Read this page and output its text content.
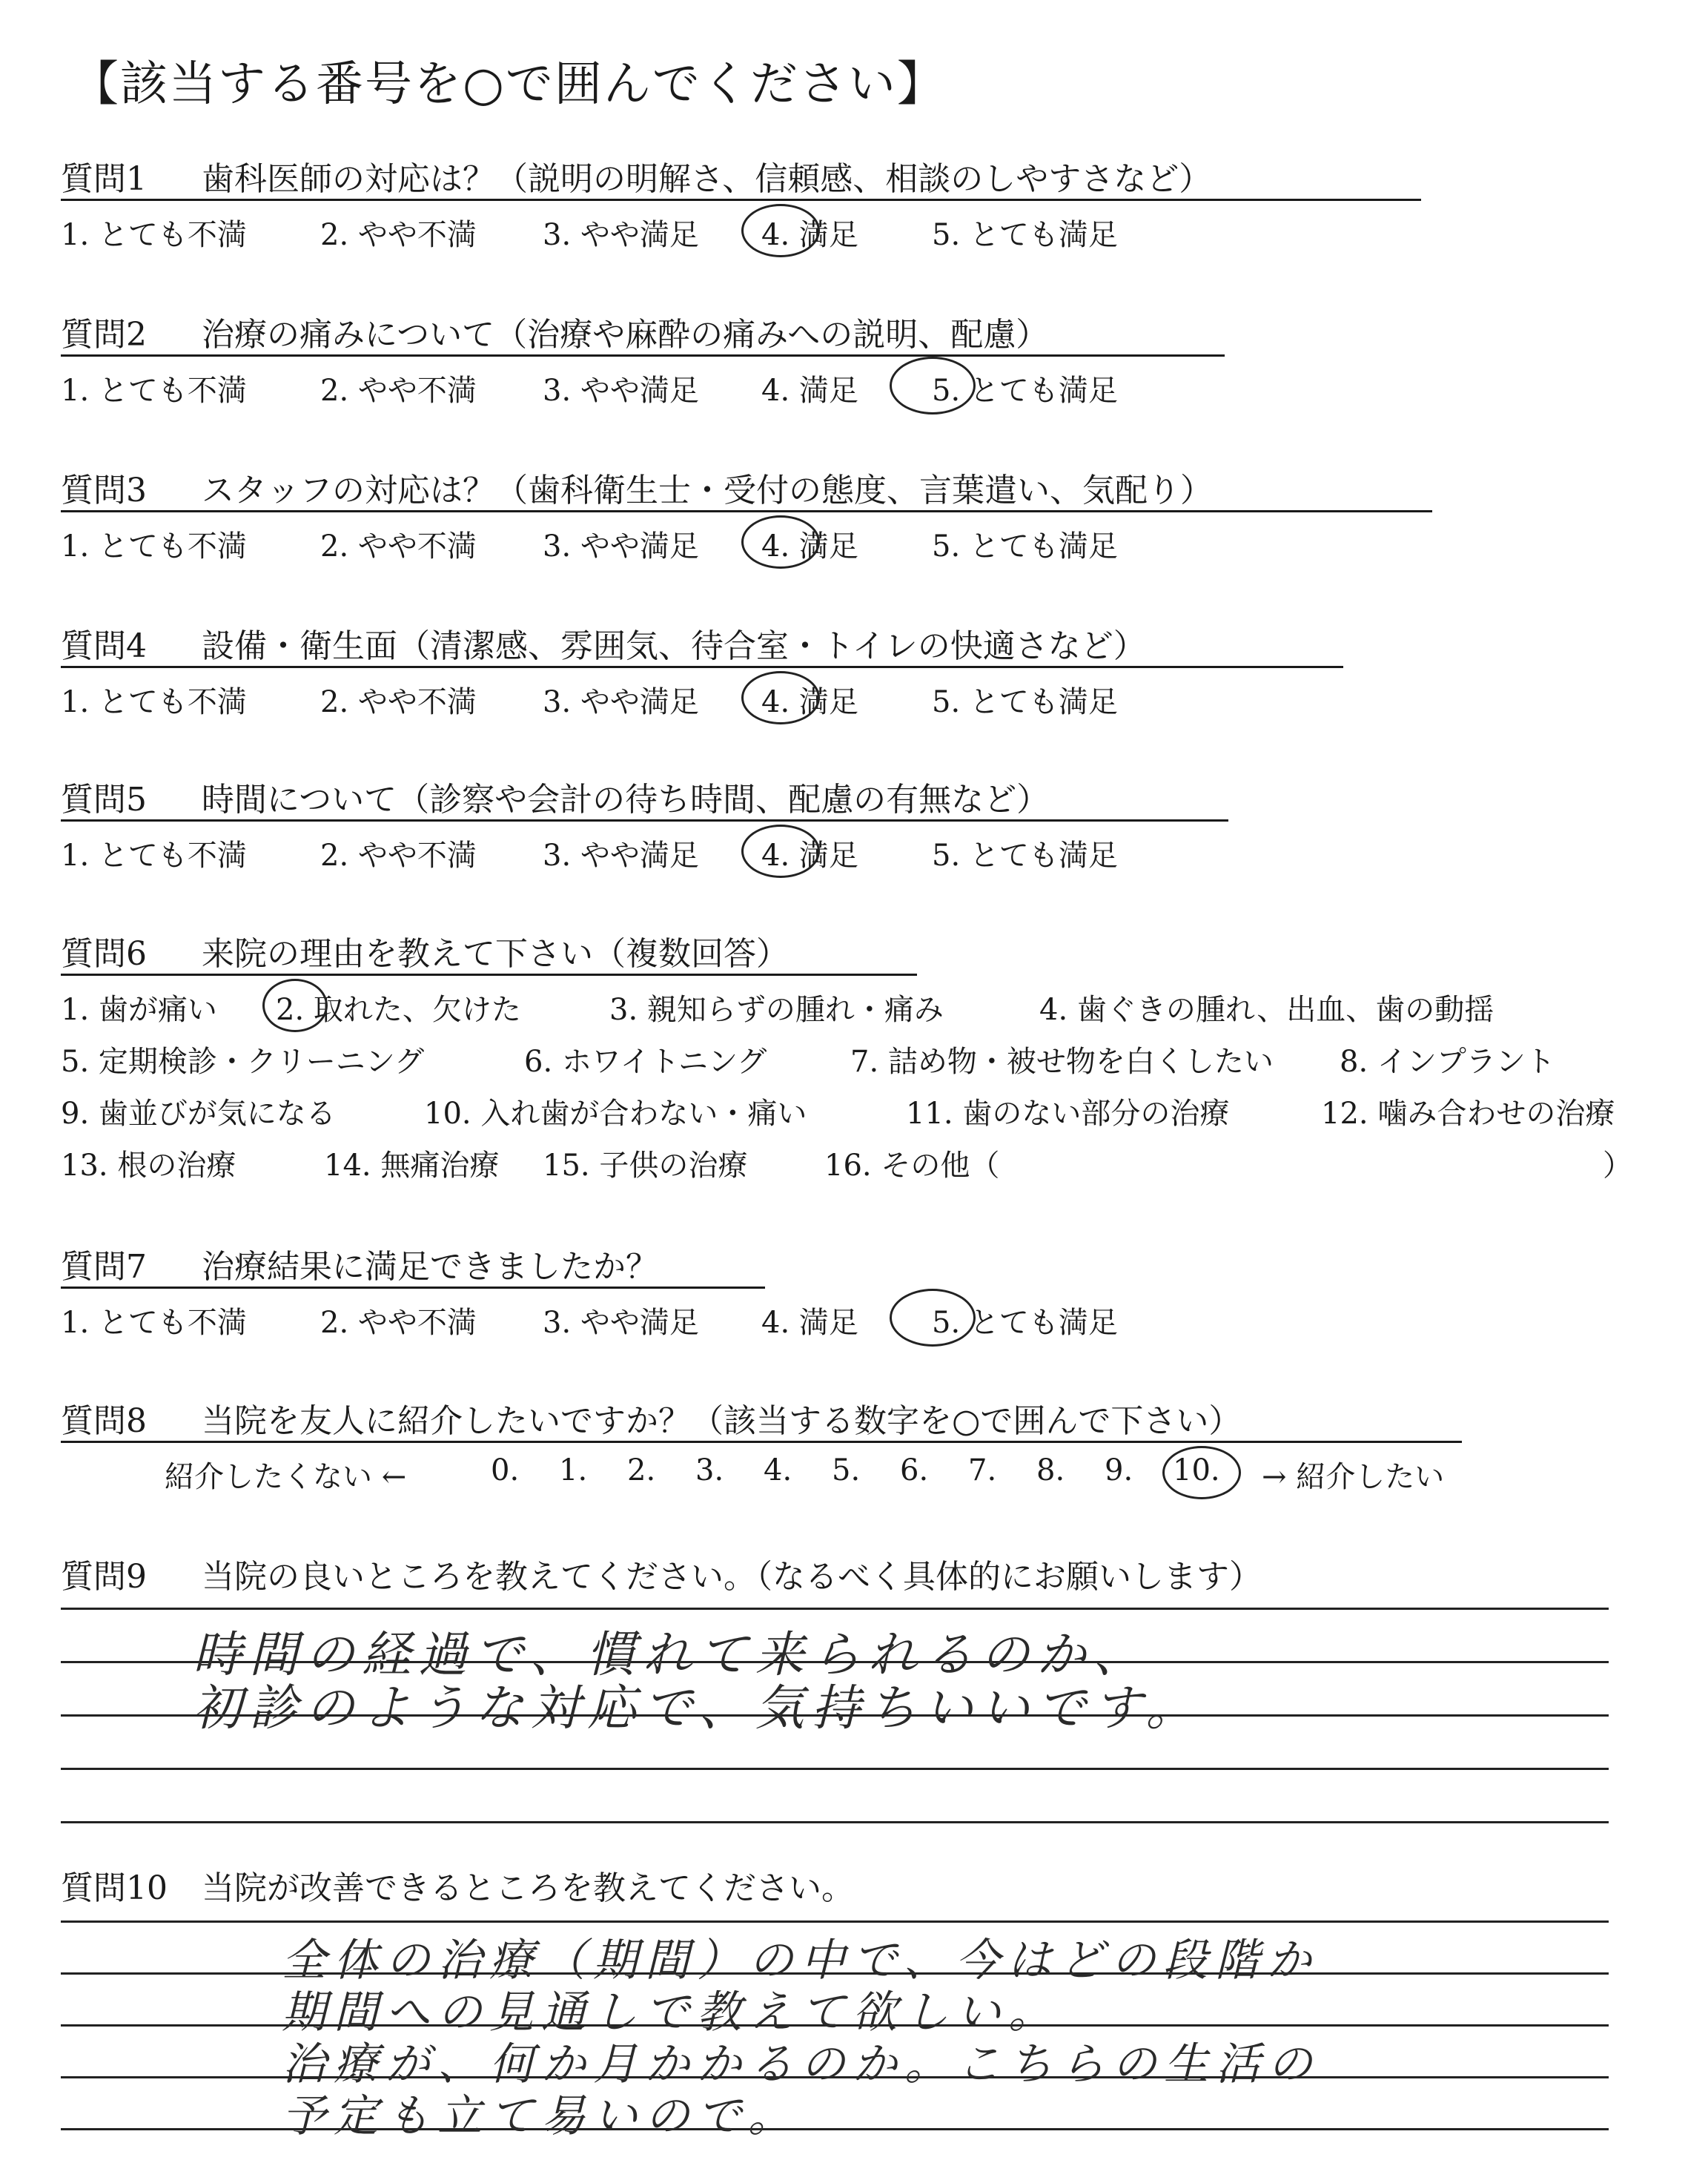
【該当する番号を○で囲んでください】
質問1 歯科医師の対応は？（説明の明解さ、信頼感、相談のしやすさなど）
1. とても不満 2. やや不満 3. やや満足 4. 満足 5. とても満足
質問2 治療の痛みについて（治療や麻酔の痛みへの説明、配慮）
1. とても不満 2. やや不満 3. やや満足 4. 満足 5. とても満足
質問3 スタッフの対応は？（歯科衛生士・受付の態度、言葉遣い、気配り）
1. とても不満 2. やや不満 3. やや満足 4. 満足 5. とても満足
質問4 設備・衛生面（清潔感、雰囲気、待合室・トイレの快適さなど）
1. とても不満 2. やや不満 3. やや満足 4. 満足 5. とても満足
質問5 時間について（診察や会計の待ち時間、配慮の有無など）
1. とても不満 2. やや不満 3. やや満足 4. 満足 5. とても満足
質問6 来院の理由を教えて下さい（複数回答）
1. 歯が痛い 2. 取れた、欠けた	3. 親知らずの腫れ・痛み	4. 歯ぐきの腫れ、出血、歯の動揺
5. 定期検診・クリーニング	6. ホワイトニング	7. 詰め物・被せ物を白くしたい 8. インプラント
9. 歯並びが気になる	10. 入れ歯が合わない・痛い	11. 歯のない部分の治療	12. 噛み合わせの治療
13. 根の治療	14. 無痛治療 15. 子供の治療	16. その他（	）
質問7 治療結果に満足できましたか？
1. とても不満 2. やや不満 3. やや満足 4. 満足 5. とても満足
質問8 当院を友人に紹介したいですか？（該当する数字を○で囲んで下さい）
紹介したくない ←	0. 1. 2. 3. 4. 5. 6. 7. 8. 9. 10. → 紹介したい
質問9 当院の良いところを教えてください。（なるべく具体的にお願いします）
時間の経過で、慣れて来られるのか、
初診のような対応で、気持ちいいです。
質問10 当院が改善できるところを教えてください。
全体の治療（期間）の中で、今はどの段階か
期間への見通しで教えて欲しい。
治療が、何か月かかるのか。こちらの生活の
予定も立て易いので。
